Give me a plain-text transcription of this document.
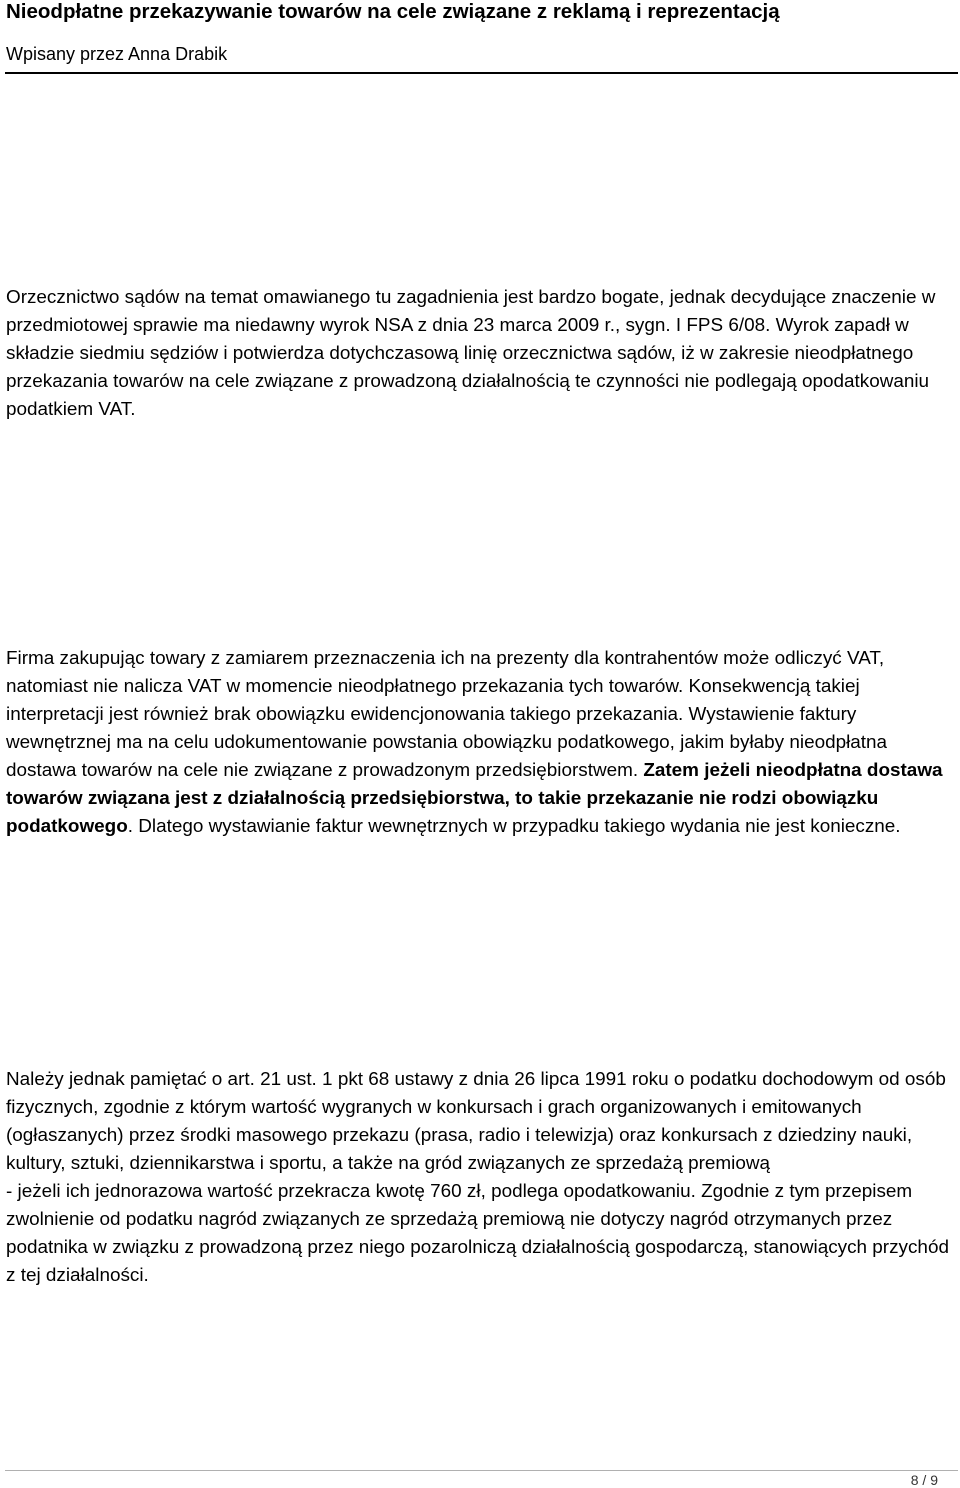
Nieodpłatne przekazywanie towarów na cele związane z reklamą i reprezentacją
Wpisany przez Anna Drabik

Orzecznictwo sądów na temat omawianego tu zagadnienia jest bardzo bogate, jednak decydujące znaczenie w przedmiotowej sprawie ma niedawny wyrok NSA z dnia 23 marca 2009 r., sygn. I FPS 6/08. Wyrok zapadł w składzie siedmiu sędziów i potwierdza dotychczasową linię orzecznictwa sądów, iż w zakresie nieodpłatnego przekazania towarów na cele związane z prowadzoną działalnością te czynności nie podlegają opodatkowaniu podatkiem VAT.

Firma zakupując towary z zamiarem przeznaczenia ich na prezenty dla kontrahentów może odliczyć VAT, natomiast nie nalicza VAT w momencie nieodpłatnego przekazania tych towarów. Konsekwencją takiej interpretacji jest również brak obowiązku ewidencjonowania takiego przekazania. Wystawienie faktury wewnętrznej ma na celu udokumentowanie powstania obowiązku podatkowego, jakim byłaby nieodpłatna dostawa towarów na cele nie związane z prowadzonym przedsiębiorstwem. Zatem jeżeli nieodpłatna dostawa towarów związana jest z działalnością przedsiębiorstwa, to takie przekazanie nie rodzi obowiązku podatkowego. Dlatego wystawianie faktur wewnętrznych w przypadku takiego wydania nie jest konieczne.

Należy jednak pamiętać o art. 21 ust. 1 pkt 68 ustawy z dnia 26 lipca 1991 roku o podatku dochodowym od osób fizycznych, zgodnie z którym wartość wygranych w konkursach i grach organizowanych i emitowanych (ogłaszanych) przez środki masowego przekazu (prasa, radio i telewizja) oraz konkursach z dziedziny nauki, kultury, sztuki, dziennikarstwa i sportu, a także na gród związanych ze sprzedażą premiową
- jeżeli ich jednorazowa wartość przekracza kwotę 760 zł, podlega opodatkowaniu. Zgodnie z tym przepisem zwolnienie od podatku nagród związanych ze sprzedażą premiową nie dotyczy nagród otrzymanych przez podatnika w związku z prowadzoną przez niego pozarolniczą działalnością gospodarczą, stanowiących przychód z tej działalności.

8 / 9
